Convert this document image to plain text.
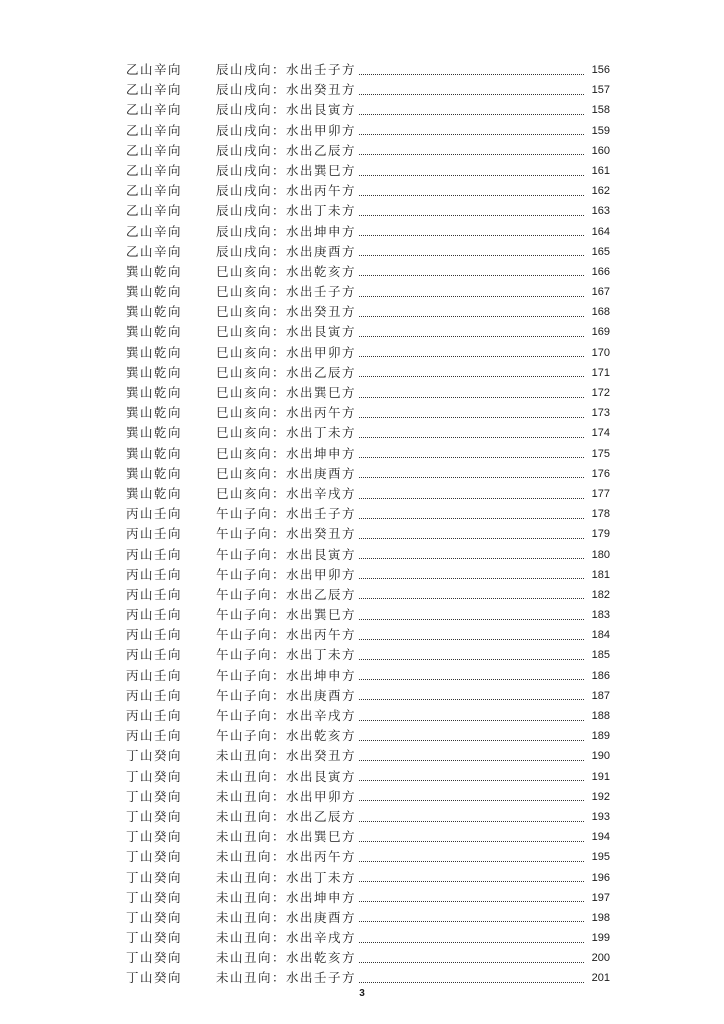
乙山辛向	辰山戌向： 水出壬子方	156
乙山辛向	辰山戌向： 水出癸丑方	157
乙山辛向	辰山戌向： 水出艮寅方	158
乙山辛向	辰山戌向： 水出甲卯方	159
乙山辛向	辰山戌向： 水出乙辰方	160
乙山辛向	辰山戌向： 水出巽巳方	161
乙山辛向	辰山戌向： 水出丙午方	162
乙山辛向	辰山戌向： 水出丁未方	163
乙山辛向	辰山戌向： 水出坤申方	164
乙山辛向	辰山戌向： 水出庚酉方	165
巽山乾向	巳山亥向： 水出乾亥方	166
巽山乾向	巳山亥向： 水出壬子方	167
巽山乾向	巳山亥向： 水出癸丑方	168
巽山乾向	巳山亥向： 水出艮寅方	169
巽山乾向	巳山亥向： 水出甲卯方	170
巽山乾向	巳山亥向： 水出乙辰方	171
巽山乾向	巳山亥向： 水出巽巳方	172
巽山乾向	巳山亥向： 水出丙午方	173
巽山乾向	巳山亥向： 水出丁未方	174
巽山乾向	巳山亥向： 水出坤申方	175
巽山乾向	巳山亥向： 水出庚酉方	176
巽山乾向	巳山亥向： 水出辛戌方	177
丙山壬向	午山子向： 水出壬子方	178
丙山壬向	午山子向： 水出癸丑方	179
丙山壬向	午山子向： 水出艮寅方	180
丙山壬向	午山子向： 水出甲卯方	181
丙山壬向	午山子向： 水出乙辰方	182
丙山壬向	午山子向： 水出巽巳方	183
丙山壬向	午山子向： 水出丙午方	184
丙山壬向	午山子向： 水出丁未方	185
丙山壬向	午山子向： 水出坤申方	186
丙山壬向	午山子向： 水出庚酉方	187
丙山壬向	午山子向： 水出辛戌方	188
丙山壬向	午山子向： 水出乾亥方	189
丁山癸向	未山丑向： 水出癸丑方	190
丁山癸向	未山丑向： 水出艮寅方	191
丁山癸向	未山丑向： 水出甲卯方	192
丁山癸向	未山丑向： 水出乙辰方	193
丁山癸向	未山丑向： 水出巽巳方	194
丁山癸向	未山丑向： 水出丙午方	195
丁山癸向	未山丑向： 水出丁未方	196
丁山癸向	未山丑向： 水出坤申方	197
丁山癸向	未山丑向： 水出庚酉方	198
丁山癸向	未山丑向： 水出辛戌方	199
丁山癸向	未山丑向： 水出乾亥方	200
丁山癸向	未山丑向： 水出壬子方	201
3
